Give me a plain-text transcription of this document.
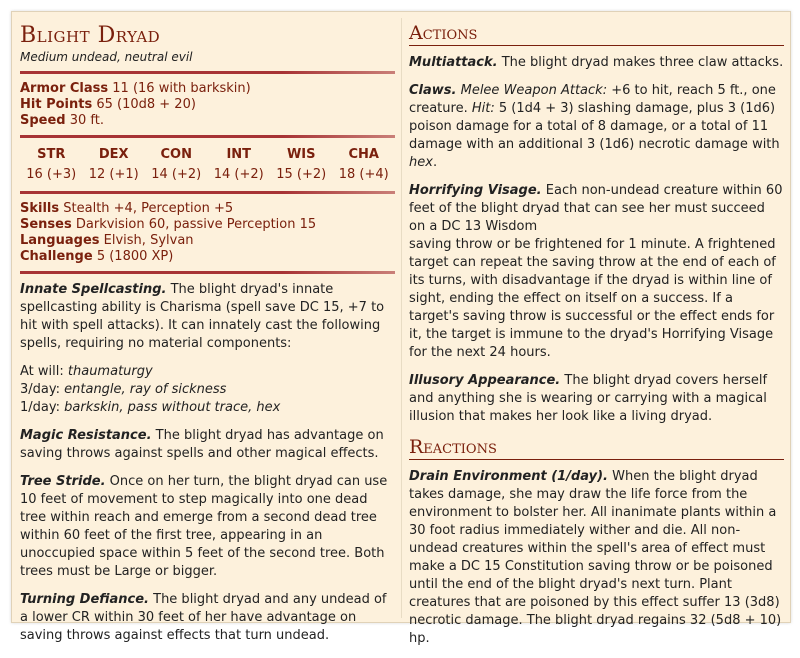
Blight Dryad
Medium undead, neutral evil
Armor Class 11 (16 with barkskin)
Hit Points 65 (10d8 + 20)
Speed 30 ft.
STR
16 (+3)
DEX
12 (+1)
CON
14 (+2)
INT
14 (+2)
WIS
15 (+2)
CHA
18 (+4)
Skills Stealth +4, Perception +5
Senses Darkvision 60, passive Perception 15
Languages Elvish, Sylvan
Challenge 5 (1800 XP)

Innate Spellcasting. The blight dryad's innate spellcasting ability is Charisma (spell save DC 15, +7 to hit with spell attacks). It can innately cast the following spells, requiring no material components:

At will: thaumaturgy
3/day: entangle, ray of sickness
1/day: barkskin, pass without trace, hex

Magic Resistance. The blight dryad has advantage on saving throws against spells and other magical effects.

Tree Stride. Once on her turn, the blight dryad can use 10 feet of movement to step magically into one dead tree within reach and emerge from a second dead tree within 60 feet of the first tree, appearing in an unoccupied space within 5 feet of the second tree. Both trees must be Large or bigger.

Turning Defiance. The blight dryad and any undead of a lower CR within 30 feet of her have advantage on saving throws against effects that turn undead.

Actions

Multiattack. The blight dryad makes three claw attacks.

Claws. Melee Weapon Attack: +6 to hit, reach 5 ft., one creature. Hit: 5 (1d4 + 3) slashing damage, plus 3 (1d6) poison damage for a total of 8 damage, or a total of 11 damage with an additional 3 (1d6) necrotic damage with hex.

Horrifying Visage. Each non-undead creature within 60 feet of the blight dryad that can see her must succeed on a DC 13 Wisdom
saving throw or be frightened for 1 minute. A frightened target can repeat the saving throw at the end of each of its turns, with disadvantage if the dryad is within line of sight, ending the effect on itself on a success. If a target's saving throw is successful or the effect ends for it, the target is immune to the dryad's Horrifying Visage for the next 24 hours.

Illusory Appearance. The blight dryad covers herself and anything she is wearing or carrying with a magical illusion that makes her look like a living dryad.

Reactions

Drain Environment (1/day). When the blight dryad takes damage, she may draw the life force from the environment to bolster her. All inanimate plants within a 30 foot radius immediately wither and die. All non-undead creatures within the spell's area of effect must make a DC 15 Constitution saving throw or be poisoned until the end of the blight dryad's next turn. Plant creatures that are poisoned by this effect suffer 13 (3d8) necrotic damage. The blight dryad regains 32 (5d8 + 10) hp.
